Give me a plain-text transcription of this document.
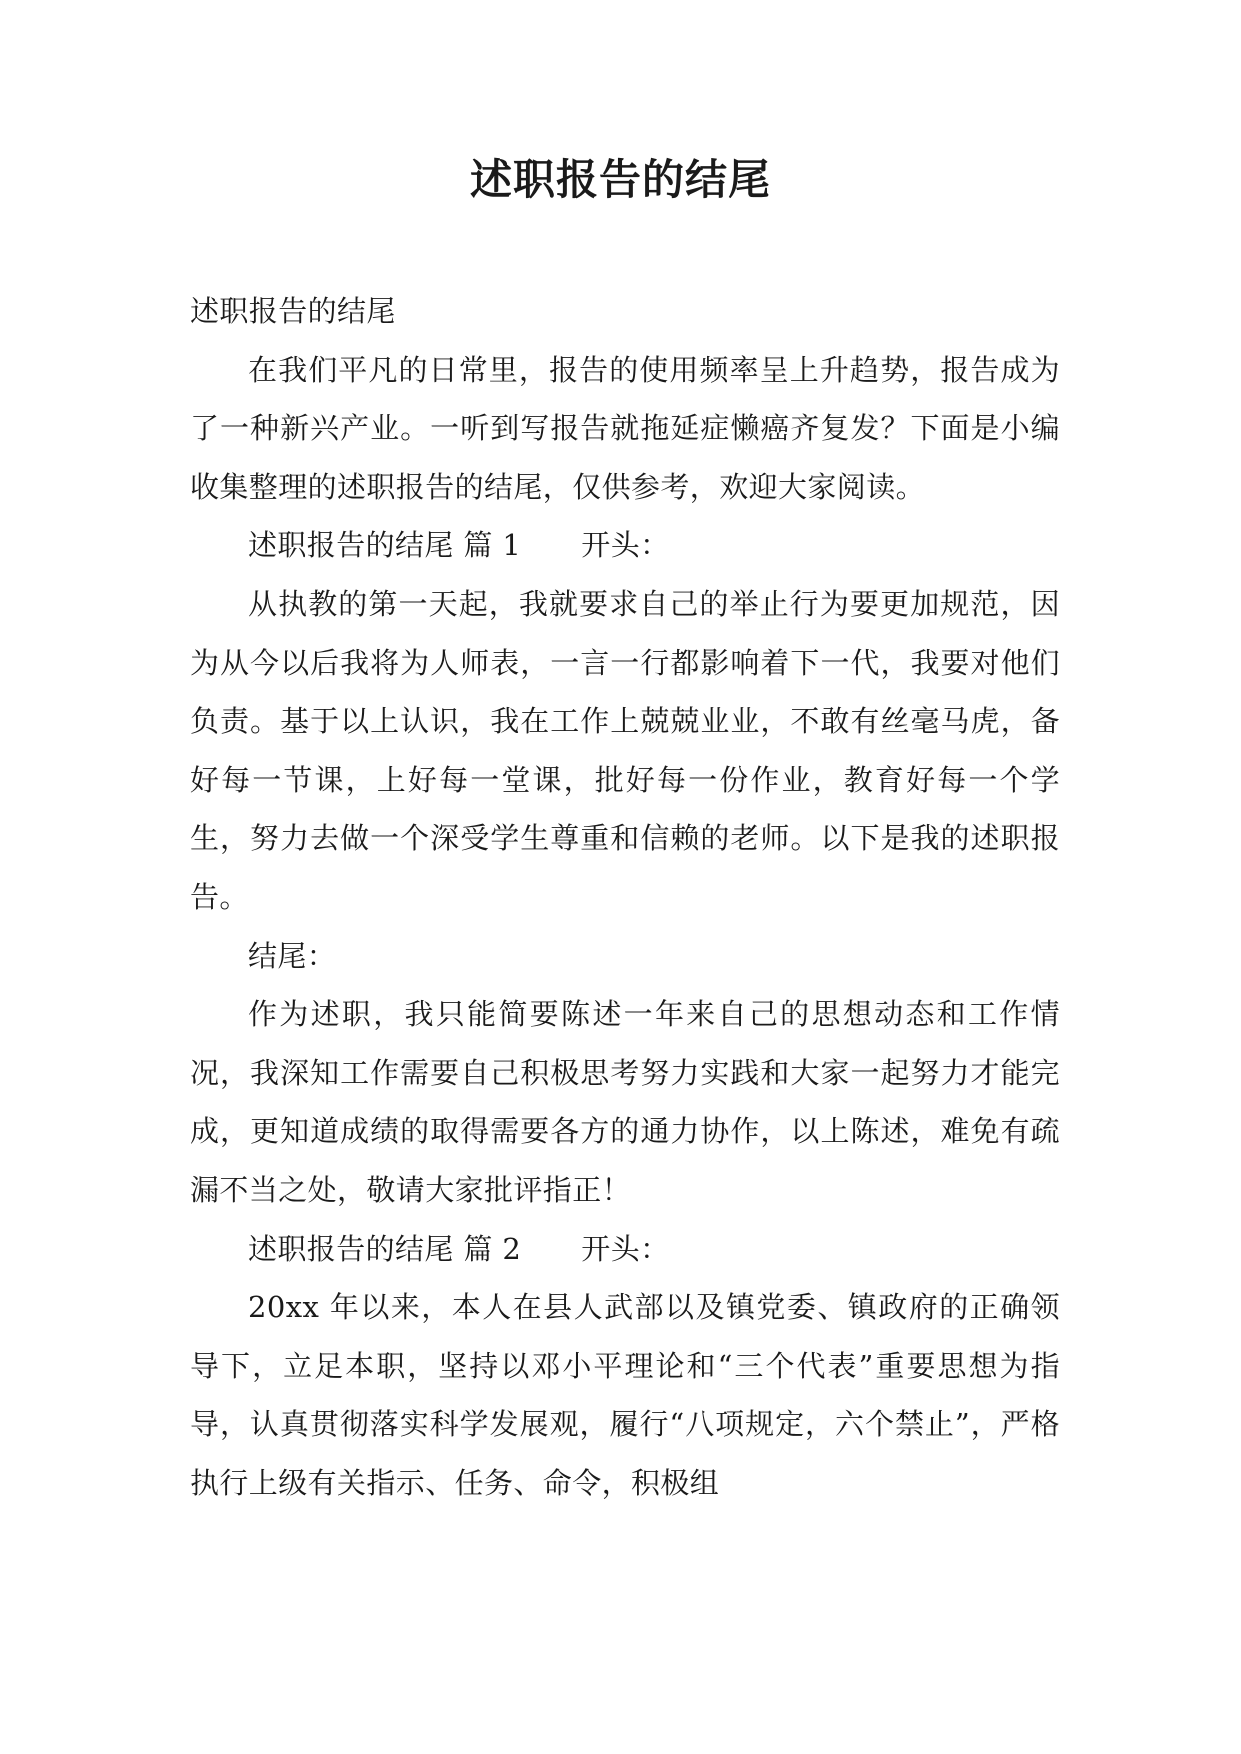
述职报告的结尾

述职报告的结尾

在我们平凡的日常里，报告的使用频率呈上升趋势，报告成为了一种新兴产业。一听到写报告就拖延症懒癌齐复发？下面是小编收集整理的述职报告的结尾，仅供参考，欢迎大家阅读。

述职报告的结尾 篇 1 开头：

从执教的第一天起，我就要求自己的举止行为要更加规范，因为从今以后我将为人师表，一言一行都影响着下一代，我要对他们负责。基于以上认识，我在工作上兢兢业业，不敢有丝毫马虎，备好每一节课，上好每一堂课，批好每一份作业，教育好每一个学生，努力去做一个深受学生尊重和信赖的老师。以下是我的述职报告。

结尾：

作为述职，我只能简要陈述一年来自己的思想动态和工作情况，我深知工作需要自己积极思考努力实践和大家一起努力才能完成，更知道成绩的取得需要各方的通力协作，以上陈述，难免有疏漏不当之处，敬请大家批评指正！

述职报告的结尾 篇 2 开头：

20xx 年以来，本人在县人武部以及镇党委、镇政府的正确领导下，立足本职，坚持以邓小平理论和“三个代表”重要思想为指导，认真贯彻落实科学发展观，履行“八项规定，六个禁止”，严格执行上级有关指示、任务、命令，积极组
